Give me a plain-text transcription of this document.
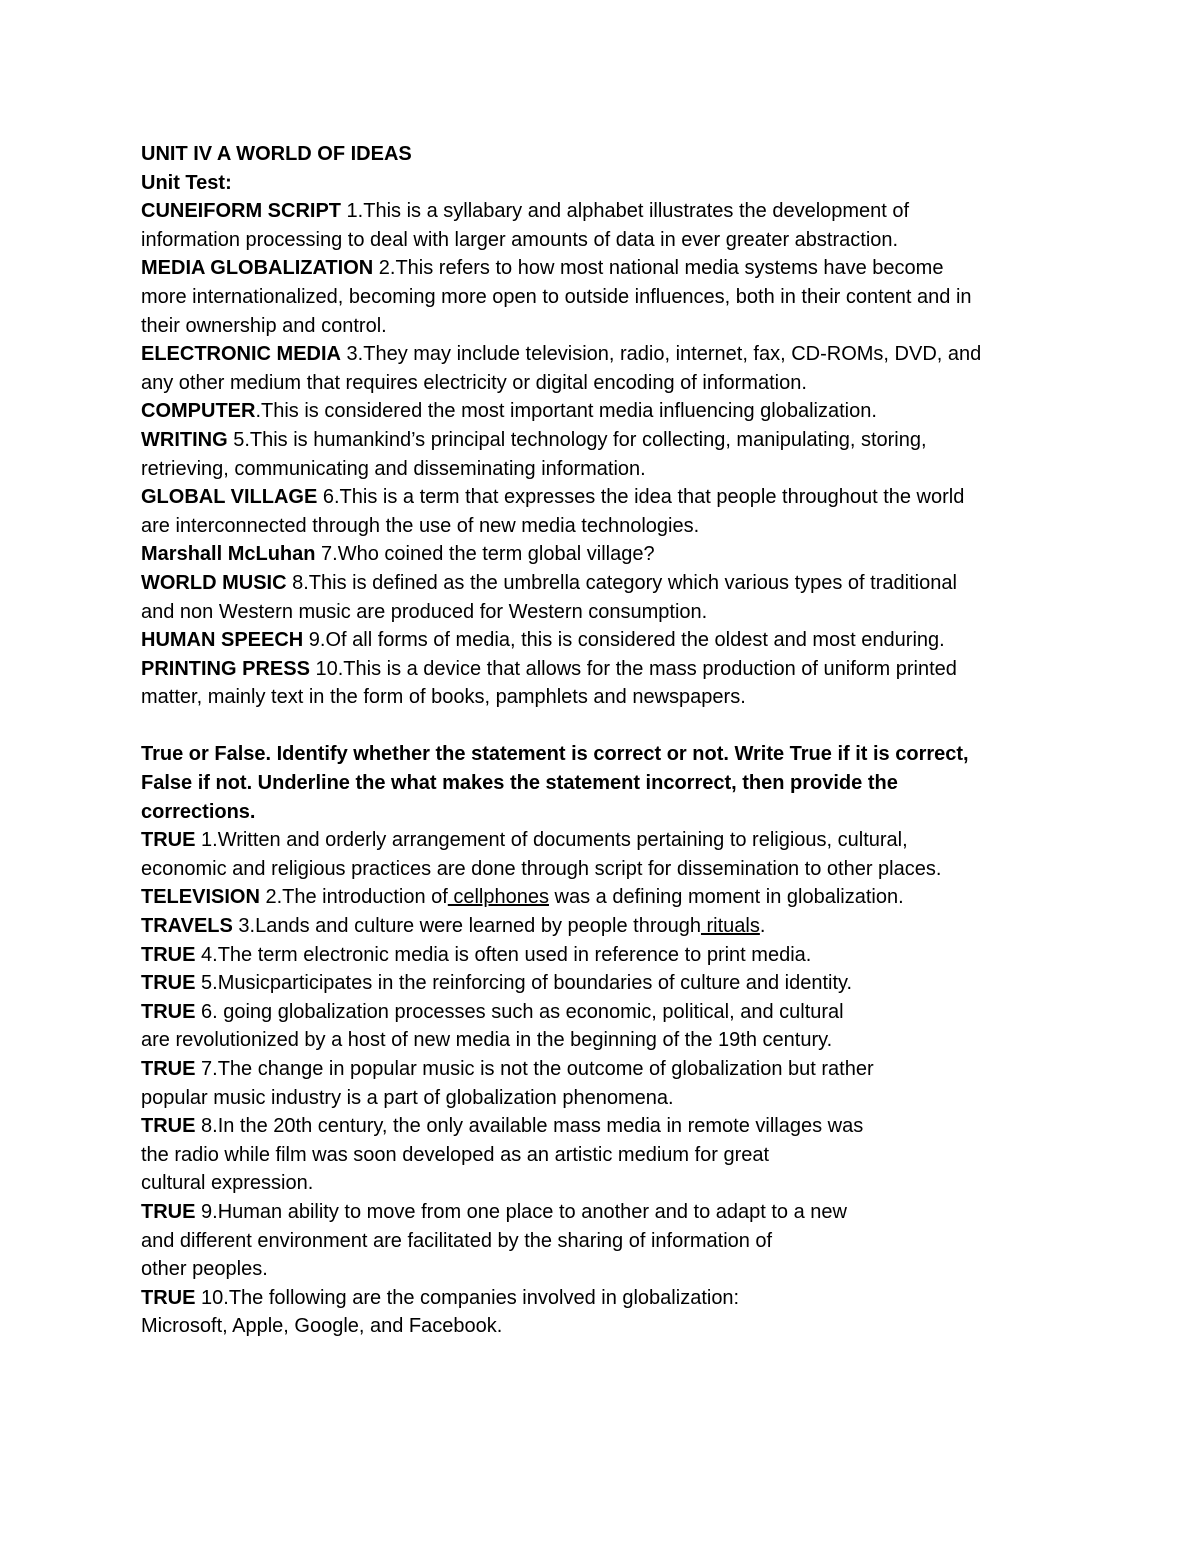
UNIT IV A WORLD OF IDEAS
Unit Test:
CUNEIFORM SCRIPT 1.This is a syllabary and alphabet illustrates the development of
information processing to deal with larger amounts of data in ever greater abstraction.
MEDIA GLOBALIZATION 2.This refers to how most national media systems have become
more internationalized, becoming more open to outside influences, both in their content and in
their ownership and control.
ELECTRONIC MEDIA 3.They may include television, radio, internet, fax, CD-ROMs, DVD, and
any other medium that requires electricity or digital encoding of information.
COMPUTER.This is considered the most important media influencing globalization.
WRITING 5.This is humankind’s principal technology for collecting, manipulating, storing,
retrieving, communicating and disseminating information.
GLOBAL VILLAGE 6.This is a term that expresses the idea that people throughout the world
are interconnected through the use of new media technologies.
Marshall McLuhan 7.Who coined the term global village?
WORLD MUSIC 8.This is defined as the umbrella category which various types of traditional
and non Western music are produced for Western consumption.
HUMAN SPEECH 9.Of all forms of media, this is considered the oldest and most enduring.
PRINTING PRESS 10.This is a device that allows for the mass production of uniform printed
matter, mainly text in the form of books, pamphlets and newspapers.
True or False. Identify whether the statement is correct or not. Write True if it is correct,
False if not. Underline the what makes the statement incorrect, then provide the
corrections.
TRUE 1.Written and orderly arrangement of documents pertaining to religious, cultural,
economic and religious practices are done through script for dissemination to other places.
TELEVISION 2.The introduction of cellphones was a defining moment in globalization.
TRAVELS 3.Lands and culture were learned by people through rituals.
TRUE 4.The term electronic media is often used in reference to print media.
TRUE 5.Musicparticipates in the reinforcing of boundaries of culture and identity.
TRUE 6. going globalization processes such as economic, political, and cultural
are revolutionized by a host of new media in the beginning of the 19th century.
TRUE 7.The change in popular music is not the outcome of globalization but rather
popular music industry is a part of globalization phenomena.
TRUE 8.In the 20th century, the only available mass media in remote villages was
the radio while film was soon developed as an artistic medium for great
cultural expression.
TRUE 9.Human ability to move from one place to another and to adapt to a new
and different environment are facilitated by the sharing of information of
other peoples.
TRUE 10.The following are the companies involved in globalization:
Microsoft, Apple, Google, and Facebook.
